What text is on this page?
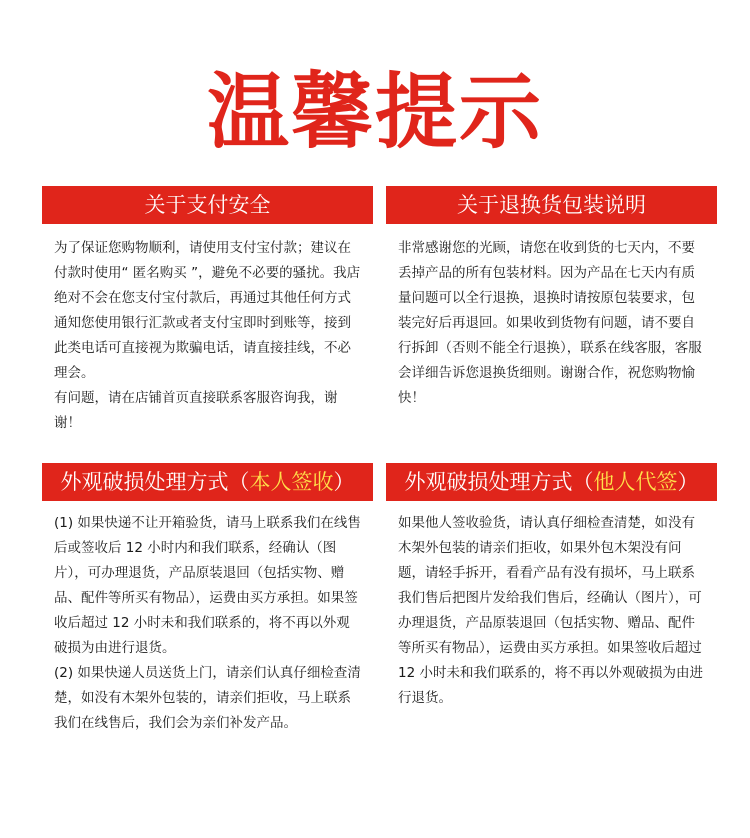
温馨提示
关于支付安全

为了保证您购物顺利，请使用支付宝付款；建议在付款时使用“ 匿名购买 ”，避免不必要的骚扰。我店绝对不会在您支付宝付款后，再通过其他任何方式通知您使用银行汇款或者支付宝即时到账等，接到此类电话可直接视为欺骗电话，请直接挂线，不必理会。

有问题，请在店铺首页直接联系客服咨询我，谢谢！

关于退换货包装说明

非常感谢您的光顾，请您在收到货的七天内，不要丢掉产品的所有包装材料。因为产品在七天内有质量问题可以全行退换，退换时请按原包装要求，包装完好后再退回。如果收到货物有问题，请不要自行拆卸（否则不能全行退换），联系在线客服，客服会详细告诉您退换货细则。谢谢合作，祝您购物愉快！

外观破损处理方式（本人签收）

(1) 如果快递不让开箱验货，请马上联系我们在线售后或签收后 12 小时内和我们联系，经确认（图片），可办理退货，产品原装退回（包括实物、赠品、配件等所买有物品），运费由买方承担。如果签收后超过 12 小时未和我们联系的，将不再以外观破损为由进行退货。

(2) 如果快递人员送货上门，请亲们认真仔细检查清楚，如没有木架外包装的，请亲们拒收，马上联系我们在线售后，我们会为亲们补发产品。

外观破损处理方式（他人代签）

如果他人签收验货，请认真仔细检查清楚，如没有木架外包装的请亲们拒收，如果外包木架没有问题，请轻手拆开，看看产品有没有损坏，马上联系我们售后把图片发给我们售后，经确认（图片），可办理退货，产品原装退回（包括实物、赠品、配件等所买有物品），运费由买方承担。如果签收后超过 12 小时未和我们联系的，将不再以外观破损为由进行退货。
